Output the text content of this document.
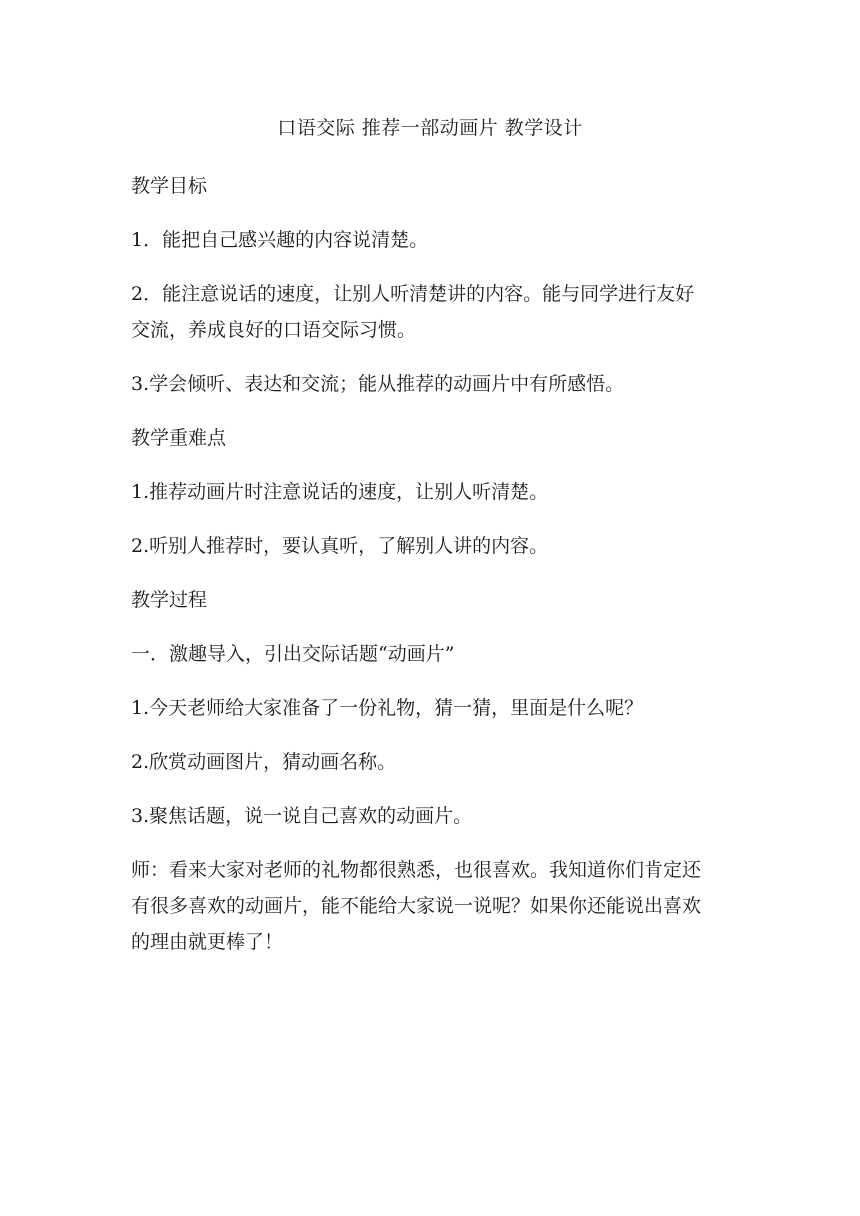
口语交际 推荐一部动画片 教学设计

教学目标

1．能把自己感兴趣的内容说清楚。

2．能注意说话的速度，让别人听清楚讲的内容。能与同学进行友好

交流，养成良好的口语交际习惯。

3.学会倾听、表达和交流；能从推荐的动画片中有所感悟。

教学重难点

1.推荐动画片时注意说话的速度，让别人听清楚。

2.听别人推荐时，要认真听，了解别人讲的内容。

教学过程

一．激趣导入，引出交际话题“动画片”

1.今天老师给大家准备了一份礼物，猜一猜，里面是什么呢？

2.欣赏动画图片，猜动画名称。

3.聚焦话题，说一说自己喜欢的动画片。

师：看来大家对老师的礼物都很熟悉，也很喜欢。我知道你们肯定还

有很多喜欢的动画片，能不能给大家说一说呢？如果你还能说出喜欢

的理由就更棒了！
